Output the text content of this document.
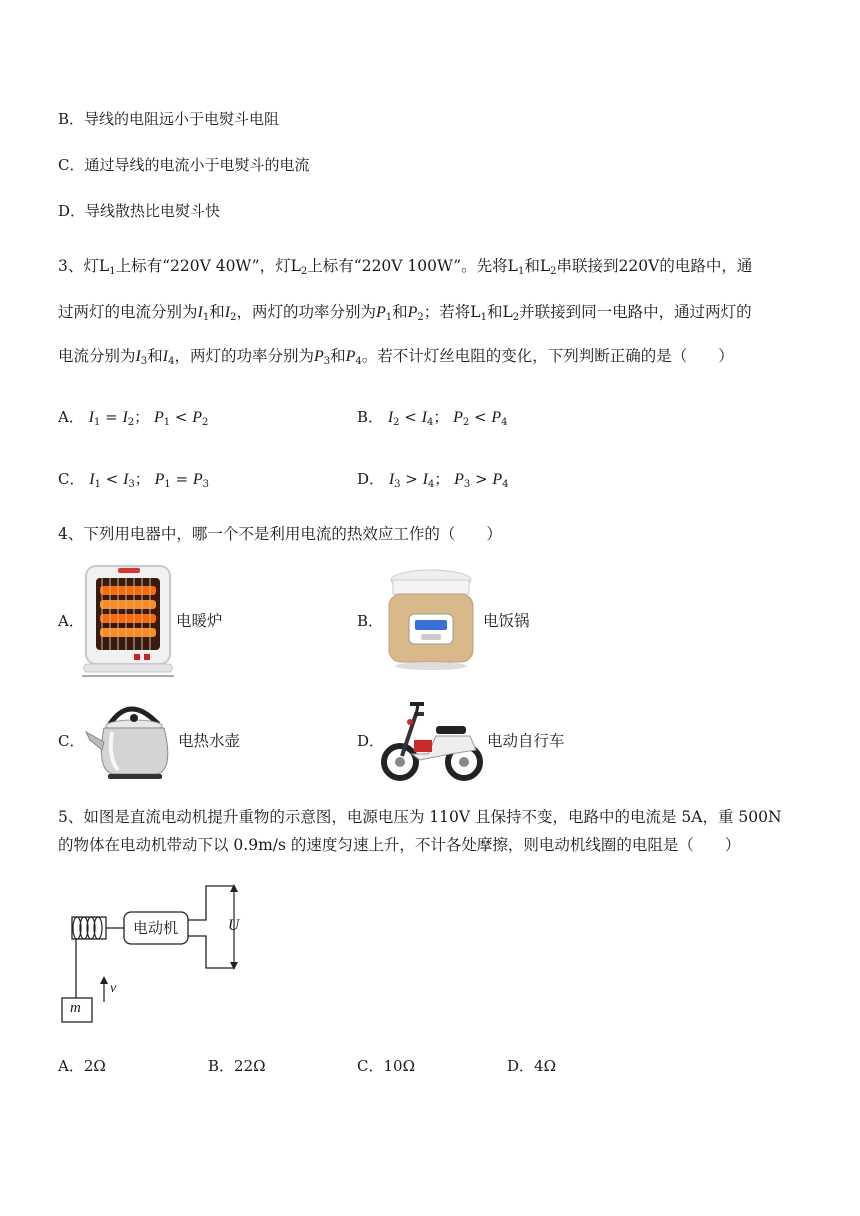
B．导线的电阻远小于电熨斗电阻
C．通过导线的电流小于电熨斗的电流
D．导线散热比电熨斗快
3、灯$L_1$上标有“220V 40W”，灯$L_2$上标有“220V 100W”。先将$L_1$和$L_2$串联接到220V的电路中，通
过两灯的电流分别为$I_1$和$I_2$，两灯的功率分别为$P_1$和$P_2$；若将$L_1$和$L_2$并联接到同一电路中，通过两灯的
电流分别为$I_3$和$I_4$，两灯的功率分别为$P_3$和$P_4$。若不计灯丝电阻的变化，下列判断正确的是（　　）
A． $I_1 = I_2$； $P_1 < P_2$	B． $I_2 < I_4$； $P_2 < P_4$
C． $I_1 < I_3$； $P_1 = P_3$	D． $I_3 > I_4$； $P_3 > P_4$
4、下列用电器中，哪一个不是利用电流的热效应工作的（　　）
A．	电暖炉	B．	电饭锅
C．	电热水壶	D．	电动自行车
5、如图是直流电动机提升重物的示意图，电源电压为 110V 且保持不变，电路中的电流是 5A，重 500N
的物体在电动机带动下以 0.9m/s 的速度匀速上升，不计各处摩擦，则电动机线圈的电阻是（　　）
电动机	U
v
m
A．2Ω	B．22Ω	C．10Ω	D．4Ω
